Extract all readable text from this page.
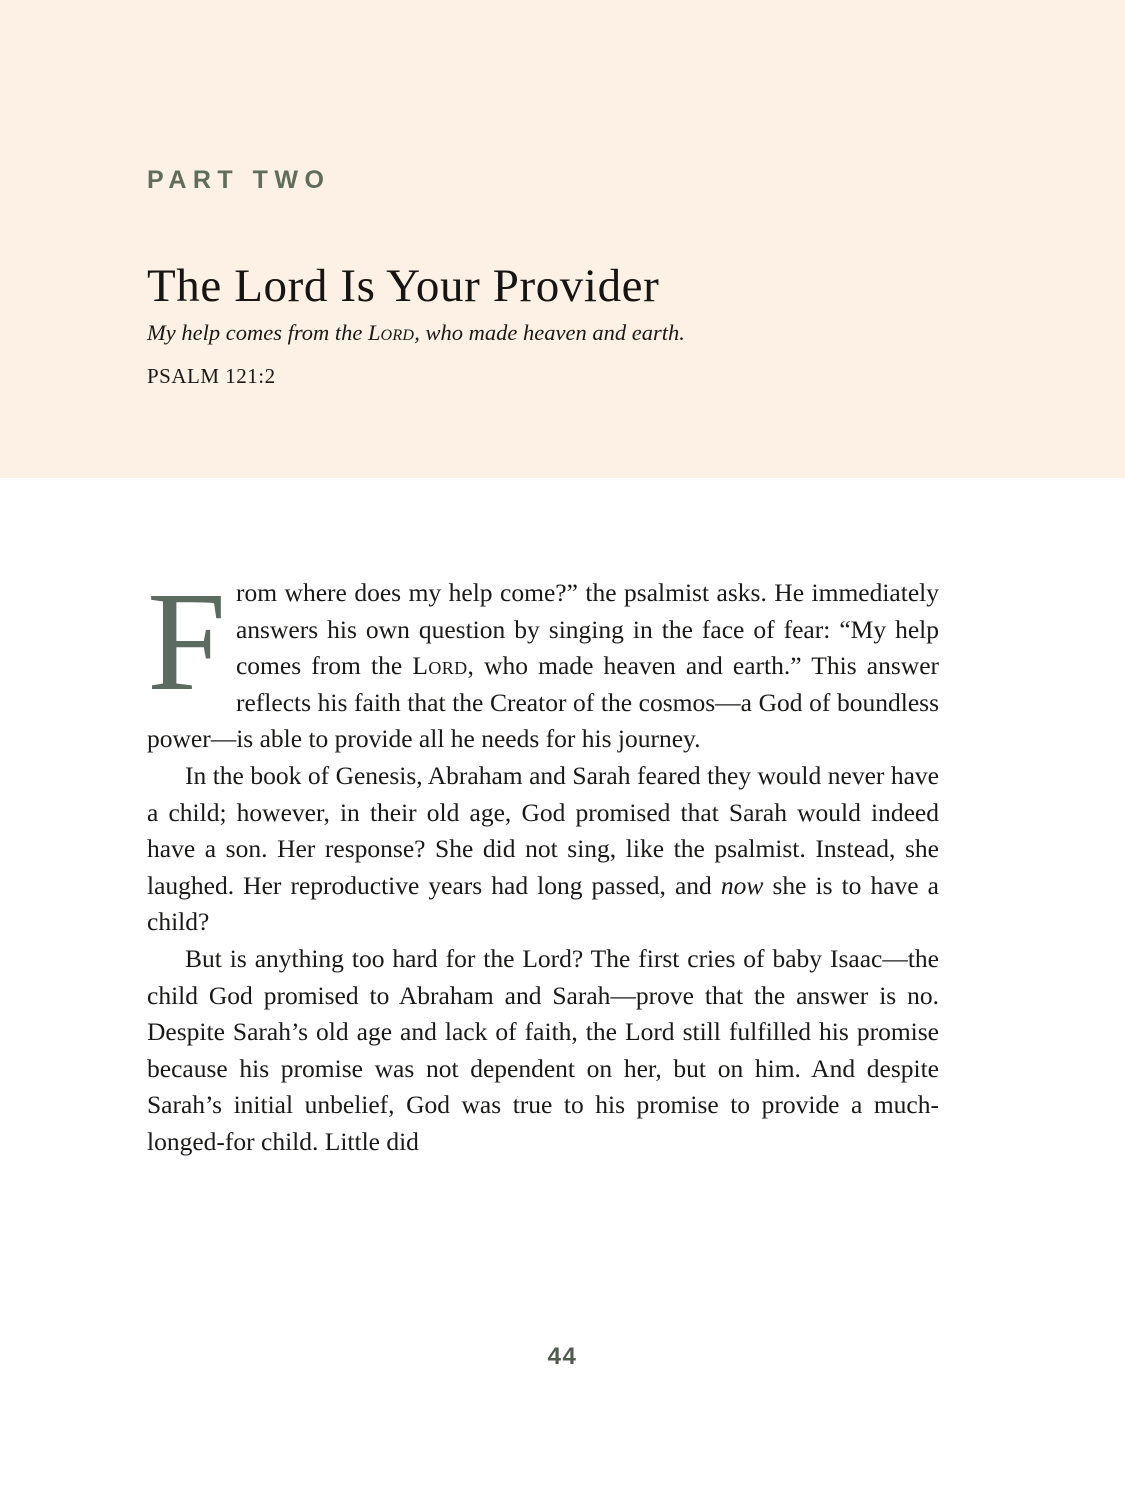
PART TWO
The Lord Is Your Provider
My help comes from the Lord, who made heaven and earth.
PSALM 121:2

From where does my help come?” the psalmist asks. He immediately answers his own question by singing in the face of fear: “My help comes from the Lord, who made heaven and earth.” This answer reflects his faith that the Creator of the cosmos—a God of boundless power—is able to provide all he needs for his journey.

In the book of Genesis, Abraham and Sarah feared they would never have a child; however, in their old age, God promised that Sarah would indeed have a son. Her response? She did not sing, like the psalmist. Instead, she laughed. Her reproductive years had long passed, and now she is to have a child?

But is anything too hard for the Lord? The first cries of baby Isaac—the child God promised to Abraham and Sarah—prove that the answer is no. Despite Sarah’s old age and lack of faith, the Lord still fulfilled his promise because his promise was not dependent on her, but on him. And despite Sarah’s initial unbelief, God was true to his promise to provide a much-longed-for child. Little did

44
